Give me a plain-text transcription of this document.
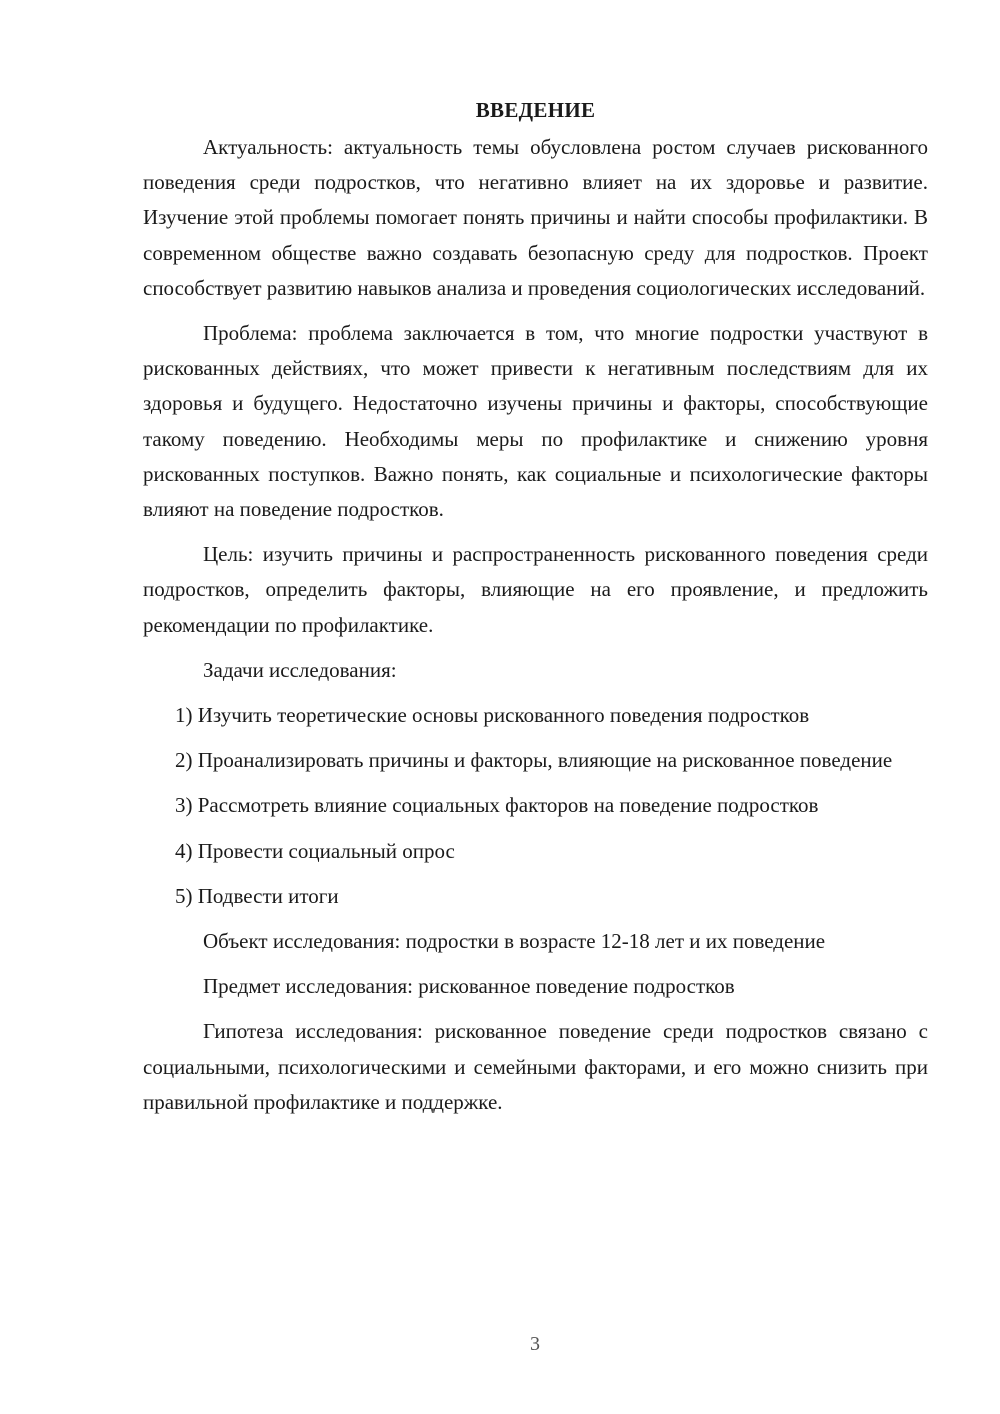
ВВЕДЕНИЕ

Актуальность: актуальность темы обусловлена ростом случаев рискованного поведения среди подростков, что негативно влияет на их здоровье и развитие. Изучение этой проблемы помогает понять причины и найти способы профилактики. В современном обществе важно создавать безопасную среду для подростков. Проект способствует развитию навыков анализа и проведения социологических исследований.

Проблема: проблема заключается в том, что многие подростки участвуют в рискованных действиях, что может привести к негативным последствиям для их здоровья и будущего. Недостаточно изучены причины и факторы, способствующие такому поведению. Необходимы меры по профилактике и снижению уровня рискованных поступков. Важно понять, как социальные и психологические факторы влияют на поведение подростков.

Цель: изучить причины и распространенность рискованного поведения среди подростков, определить факторы, влияющие на его проявление, и предложить рекомендации по профилактике.

Задачи исследования:

1) Изучить теоретические основы рискованного поведения подростков

2) Проанализировать причины и факторы, влияющие на рискованное поведение

3) Рассмотреть влияние социальных факторов на поведение подростков

4) Провести социальный опрос

5) Подвести итоги

Объект исследования: подростки в возрасте 12-18 лет и их поведение

Предмет исследования: рискованное поведение подростков

Гипотеза исследования: рискованное поведение среди подростков связано с социальными, психологическими и семейными факторами, и его можно снизить при правильной профилактике и поддержке.

3
